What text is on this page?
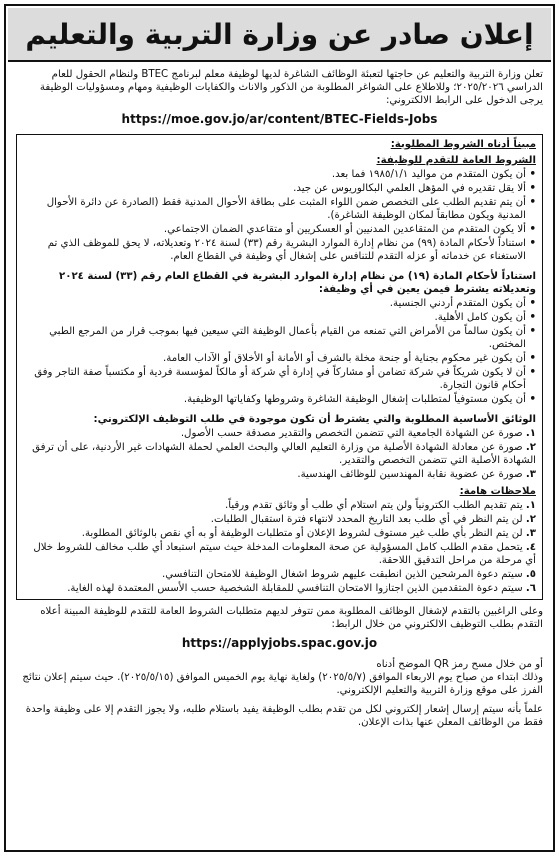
إعلان صادر عن وزارة التربية والتعليم

تعلن وزارة التربية والتعليم عن حاجتها لتعبئة الوظائف الشاغرة لديها لوظيفة معلم لبرنامج BTEC ولنظام الحقول للعام الدراسي ٢٠٢٥/٢٠٢٦؛ وللاطلاع على الشواغر المطلوبة من الذكور والاناث والكفايات الوظيفية ومهام ومسؤوليات الوظيفة يرجى الدخول على الرابط الالكتروني:

https://moe.gov.jo/ar/content/BTEC-Fields-Jobs
مبيناً أدناه الشروط المطلوبة:
الشروط العامة للتقدم للوظيفة:
• أن يكون المتقدم من مواليد ١٩٨٥/١/١ فما بعد.
• ألا يقل تقديره في المؤهل العلمي البكالوريوس عن جيد.
• أن يتم تقديم الطلب على التخصص ضمن اللواء المثبت على بطاقة الأحوال المدنية فقط (الصادرة عن دائرة الأحوال المدنية ويكون مطابقاً لمكان الوظيفة الشاغرة).
• ألا يكون المتقدم من المتقاعدين المدنيين أو العسكريين أو متقاعدي الضمان الاجتماعي.
• استناداً لأحكام المادة (٩٩) من نظام إدارة الموارد البشرية رقم (٣٣) لسنة ٢٠٢٤ وتعديلاته، لا يحق للموظف الذي تم الاستغناء عن خدماته أو عزله التقدم للتنافس على إشغال أي وظيفة في القطاع العام.
استناداً لأحكام المادة (١٩) من نظام إدارة الموارد البشرية في القطاع العام رقم (٣٣) لسنة ٢٠٢٤ وتعديلاته يشترط فيمن يعين في أي وظيفة:
• أن يكون المتقدم أردني الجنسية.
• أن يكون كامل الأهلية.
• أن يكون سالماً من الأمراض التي تمنعه من القيام بأعمال الوظيفة التي سيعين فيها بموجب قرار من المرجع الطبي المختص.
• أن يكون غير محكوم بجناية أو جنحة مخلة بالشرف أو الأمانة أو الأخلاق أو الآداب العامة.
• أن لا يكون شريكاً في شركة تضامن أو مشاركاً في إدارة أي شركة أو مالكاً لمؤسسة فردية أو مكتسباً صفة التاجر وفق أحكام قانون التجارة.
• أن يكون مستوفياً لمتطلبات إشغال الوظيفة الشاغرة وشروطها وكفاياتها الوظيفية.
الوثائق الأساسية المطلوبة والتي يشترط أن تكون موجودة في طلب التوظيف الإلكتروني:
١. صورة عن الشهادة الجامعية التي تتضمن التخصص والتقدير مصدقة حسب الأصول.
٢. صورة عن معادلة الشهادة الأصلية من وزارة التعليم العالي والبحث العلمي لحملة الشهادات غير الأردنية، على أن ترفق الشهادة الأصلية التي تتضمن التخصص والتقدير.
٣. صورة عن عضوية نقابة المهندسين للوظائف الهندسية.
ملاحظات هامة:
١. يتم تقديم الطلب الكترونياً ولن يتم استلام أي طلب أو وثائق تقدم ورقياً.
٢. لن يتم النظر في أي طلب بعد التاريخ المحدد لانتهاء فترة استقبال الطلبات.
٣. لن يتم النظر بأي طلب غير مستوف لشروط الإعلان أو متطلبات الوظيفة أو به أي نقص بالوثائق المطلوبة.
٤. يتحمل مقدم الطلب كامل المسؤولية عن صحة المعلومات المدخلة حيث سيتم استبعاد أي طلب مخالف للشروط خلال أي مرحلة من مراحل التدقيق اللاحقة.
٥. سيتم دعوة المرشحين الذين انطبقت عليهم شروط اشغال الوظيفة للامتحان التنافسي.
٦. سيتم دعوة المتقدمين الذين اجتازوا الامتحان التنافسي للمقابلة الشخصية حسب الأسس المعتمدة لهذه الغاية.

وعلى الراغبين بالتقدم لإشغال الوظائف المطلوبة ممن تتوفر لديهم متطلبات الشروط العامة للتقدم للوظيفة المبينة أعلاه التقدم بطلب التوظيف الالكتروني من خلال الرابط:

https://applyjobs.spac.gov.jo

أو من خلال مسح رمز QR الموضح أدناه

وذلك ابتداء من صباح يوم الاربعاء الموافق (٢٠٢٥/٥/٧) ولغاية نهاية يوم الخميس الموافق (٢٠٢٥/٥/١٥). حيث سيتم إعلان نتائج الفرز على موقع وزارة التربية والتعليم الإلكتروني.

علماً بأنه سيتم إرسال إشعار إلكتروني لكل من تقدم بطلب الوظيفة يفيد باستلام طلبه، ولا يجوز التقدم إلا على وظيفة واحدة فقط من الوظائف المعلن عنها بذات الإعلان.
